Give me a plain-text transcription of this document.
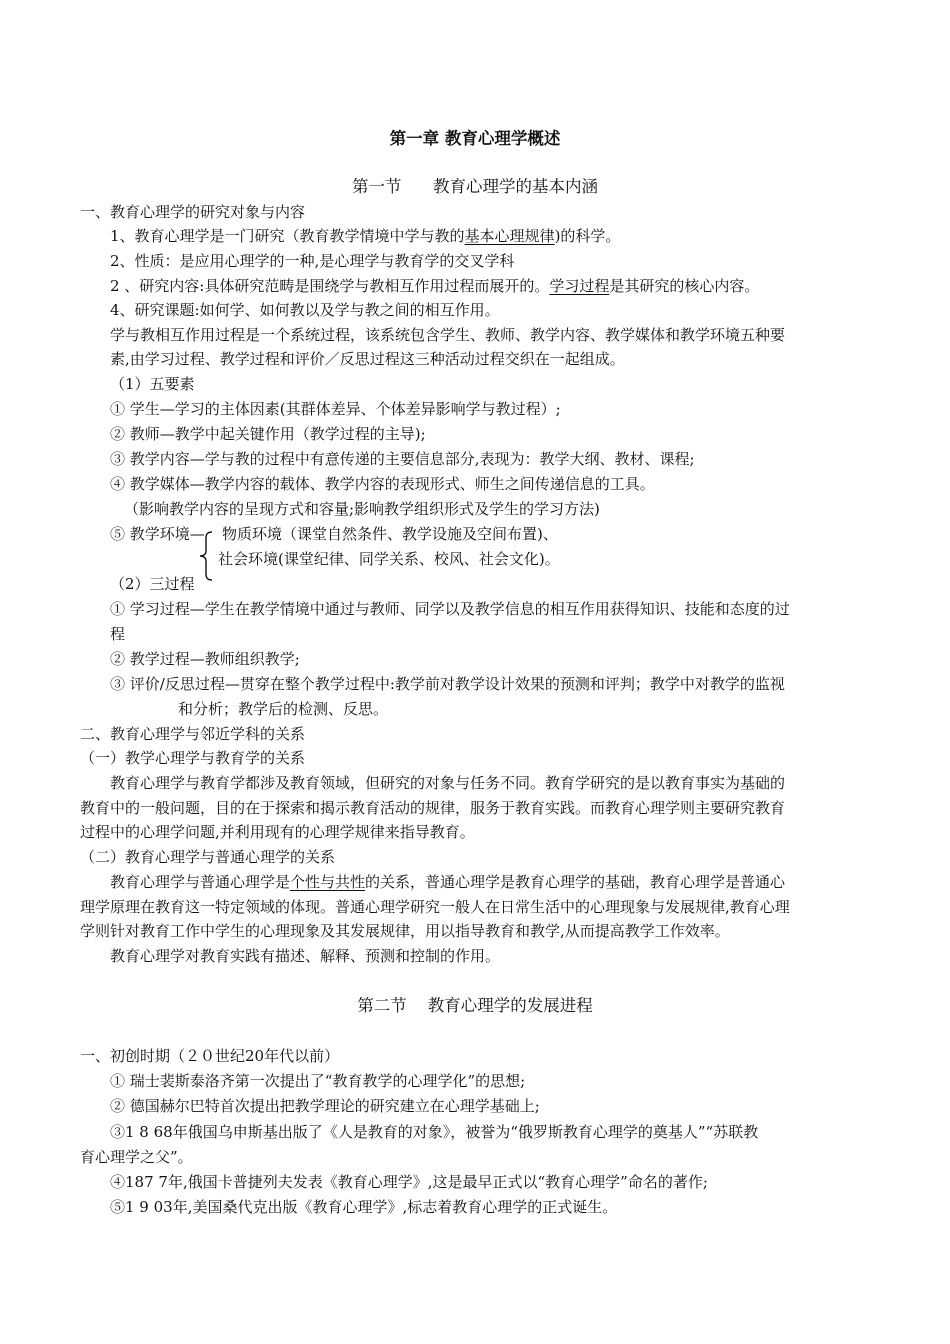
第一章 教育心理学概述

第一节      教育心理学的基本内涵

一、教育心理学的研究对象与内容

1、教育心理学是一门研究（教育教学情境中学与教的基本心理规律)的科学。

2、性质：是应用心理学的一种,是心理学与教育学的交叉学科

2 、研究内容:具体研究范畴是围绕学与教相互作用过程而展开的。学习过程是其研究的核心内容。

4、研究课题:如何学、如何教以及学与教之间的相互作用。

学与教相互作用过程是一个系统过程，该系统包含学生、教师、教学内容、教学媒体和教学环境五种要

素,由学习过程、教学过程和评价／反思过程这三种活动过程交织在一起组成。

（1）五要素

① 学生—学习的主体因素(其群体差异、个体差异影响学与教过程）;

② 教师—教学中起关键作用（教学过程的主导);

③ 教学内容—学与教的过程中有意传递的主要信息部分,表现为：教学大纲、教材、课程;

④ 教学媒体—教学内容的载体、教学内容的表现形式、师生之间传递信息的工具。

（影响教学内容的呈现方式和容量;影响教学组织形式及学生的学习方法)

⑤ 教学环境— 物质环境（课堂自然条件、教学设施及空间布置)、

社会环境(课堂纪律、同学关系、校风、社会文化)。

（2）三过程

① 学习过程—学生在教学情境中通过与教师、同学以及教学信息的相互作用获得知识、技能和态度的过

程

② 教学过程—教师组织教学;

③ 评价/反思过程—贯穿在整个教学过程中:教学前对教学设计效果的预测和评判；教学中对教学的监视

和分析；教学后的检测、反思。

二、教育心理学与邻近学科的关系

（一）教学心理学与教育学的关系

教育心理学与教育学都涉及教育领域，但研究的对象与任务不同。教育学研究的是以教育事实为基础的

教育中的一般问题，目的在于探索和揭示教育活动的规律，服务于教育实践。而教育心理学则主要研究教育

过程中的心理学问题,并利用现有的心理学规律来指导教育。

（二）教育心理学与普通心理学的关系

教育心理学与普通心理学是个性与共性的关系，普通心理学是教育心理学的基础，教育心理学是普通心

理学原理在教育这一特定领域的体现。普通心理学研究一般人在日常生活中的心理现象与发展规律,教育心理

学则针对教育工作中学生的心理现象及其发展规律，用以指导教育和教学,从而提高教学工作效率。

教育心理学对教育实践有描述、解释、预测和控制的作用。

第二节    教育心理学的发展进程

一、初创时期（２０世纪20年代以前）

① 瑞士裴斯泰洛齐第一次提出了“教育教学的心理学化”的思想;

② 德国赫尔巴特首次提出把教学理论的研究建立在心理学基础上;

③1 8 68年俄国乌申斯基出版了《人是教育的对象》，被誉为“俄罗斯教育心理学的奠基人”“苏联教

育心理学之父”。

④187 7年,俄国卡普捷列夫发表《教育心理学》,这是最早正式以“教育心理学”命名的著作;

⑤1 9 03年,美国桑代克出版《教育心理学》,标志着教育心理学的正式诞生。
